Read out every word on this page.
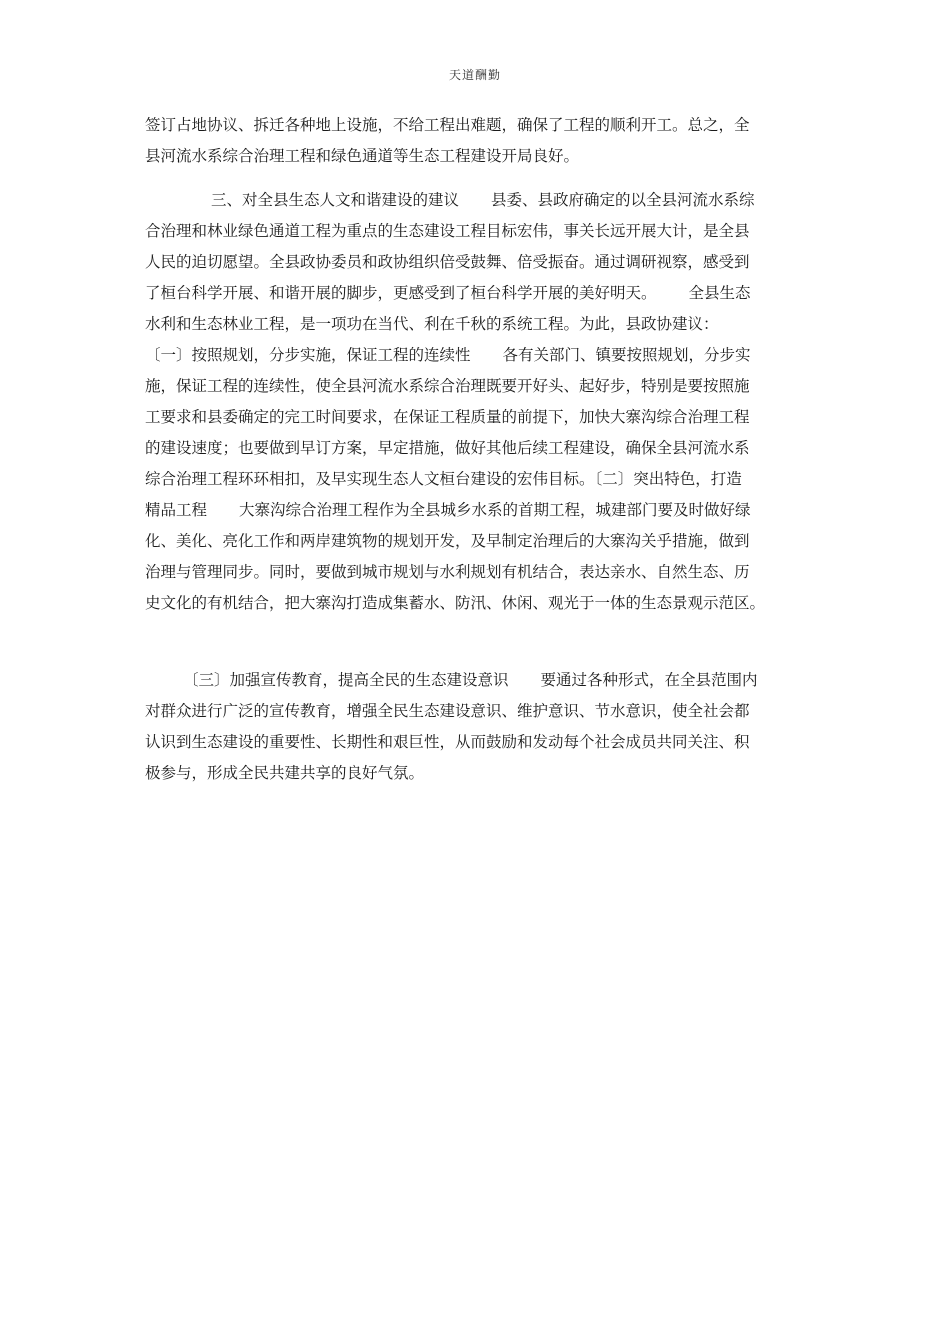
天道酬勤
签订占地协议、拆迁各种地上设施，不给工程出难题，确保了工程的顺利开工。总之，全
县河流水系综合治理工程和绿色通道等生态工程建设开局良好。
三、对全县生态人文和谐建设的建议 县委、县政府确定的以全县河流水系综
合治理和林业绿色通道工程为重点的生态建设工程目标宏伟，事关长远开展大计，是全县
人民的迫切愿望。全县政协委员和政协组织倍受鼓舞、倍受振奋。通过调研视察，感受到
了桓台科学开展、和谐开展的脚步，更感受到了桓台科学开展的美好明天。 全县生态
水利和生态林业工程，是一项功在当代、利在千秋的系统工程。为此，县政协建议：
〔一〕按照规划，分步实施，保证工程的连续性 各有关部门、镇要按照规划，分步实
施，保证工程的连续性，使全县河流水系综合治理既要开好头、起好步，特别是要按照施
工要求和县委确定的完工时间要求，在保证工程质量的前提下，加快大寨沟综合治理工程
的建设速度；也要做到早订方案，早定措施，做好其他后续工程建设，确保全县河流水系
综合治理工程环环相扣，及早实现生态人文桓台建设的宏伟目标。〔二〕突出特色，打造
精品工程 大寨沟综合治理工程作为全县城乡水系的首期工程，城建部门要及时做好绿
化、美化、亮化工作和两岸建筑物的规划开发，及早制定治理后的大寨沟关乎措施，做到
治理与管理同步。同时，要做到城市规划与水利规划有机结合，表达亲水、自然生态、历
史文化的有机结合，把大寨沟打造成集蓄水、防汛、休闲、观光于一体的生态景观示范区。
〔三〕加强宣传教育，提高全民的生态建设意识 要通过各种形式，在全县范围内
对群众进行广泛的宣传教育，增强全民生态建设意识、维护意识、节水意识，使全社会都
认识到生态建设的重要性、长期性和艰巨性，从而鼓励和发动每个社会成员共同关注、积
极参与，形成全民共建共享的良好气氛。
